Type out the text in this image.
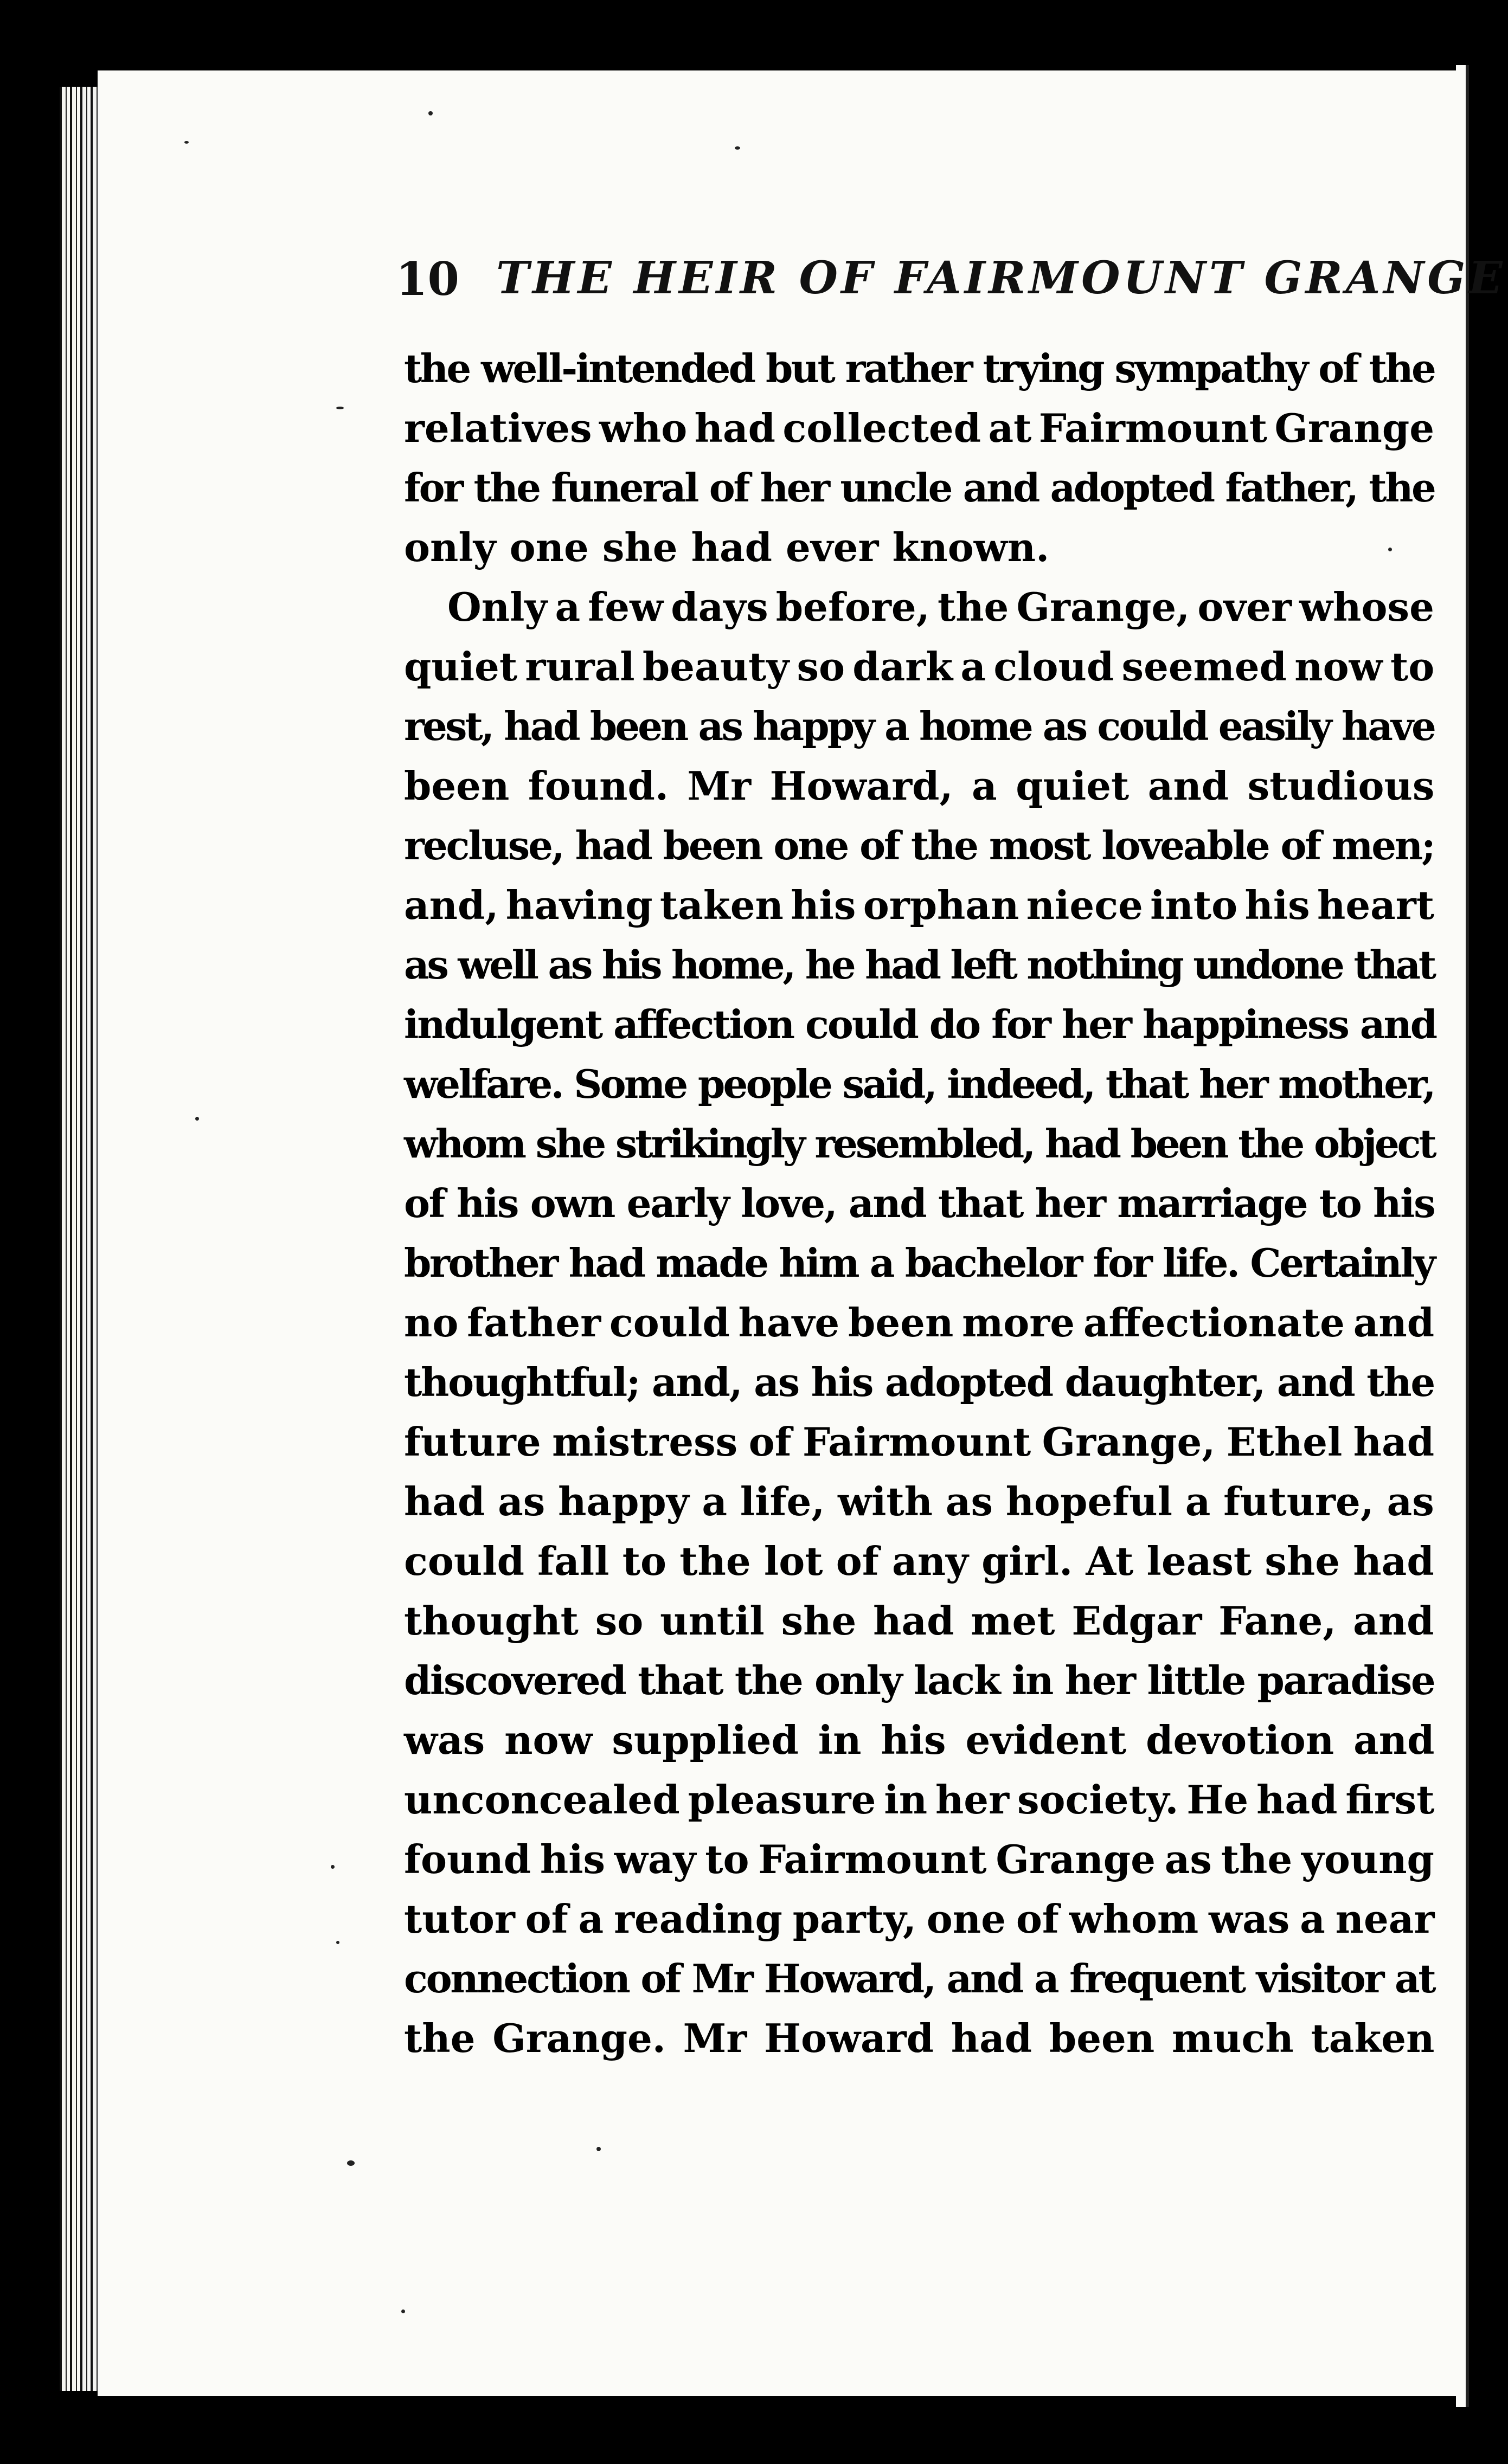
10 THE HEIR OF FAIRMOUNT GRANGE
the well-intended but rather trying sympathy of the
relatives who had collected at Fairmount Grange
for the funeral of her uncle and adopted father, the
only one she had ever known.
Only a few days before, the Grange, over whose
quiet rural beauty so dark a cloud seemed now to
rest, had been as happy a home as could easily have
been found. Mr Howard, a quiet and studious
recluse, had been one of the most loveable of men;
and, having taken his orphan niece into his heart
as well as his home, he had left nothing undone that
indulgent affection could do for her happiness and
welfare. Some people said, indeed, that her mother,
whom she strikingly resembled, had been the object
of his own early love, and that her marriage to his
brother had made him a bachelor for life. Certainly
no father could have been more affectionate and
thoughtful; and, as his adopted daughter, and the
future mistress of Fairmount Grange, Ethel had
had as happy a life, with as hopeful a future, as
could fall to the lot of any girl. At least she had
thought so until she had met Edgar Fane, and
discovered that the only lack in her little paradise
was now supplied in his evident devotion and
unconcealed pleasure in her society. He had first
found his way to Fairmount Grange as the young
tutor of a reading party, one of whom was a near
connection of Mr Howard, and a frequent visitor at
the Grange. Mr Howard had been much taken
